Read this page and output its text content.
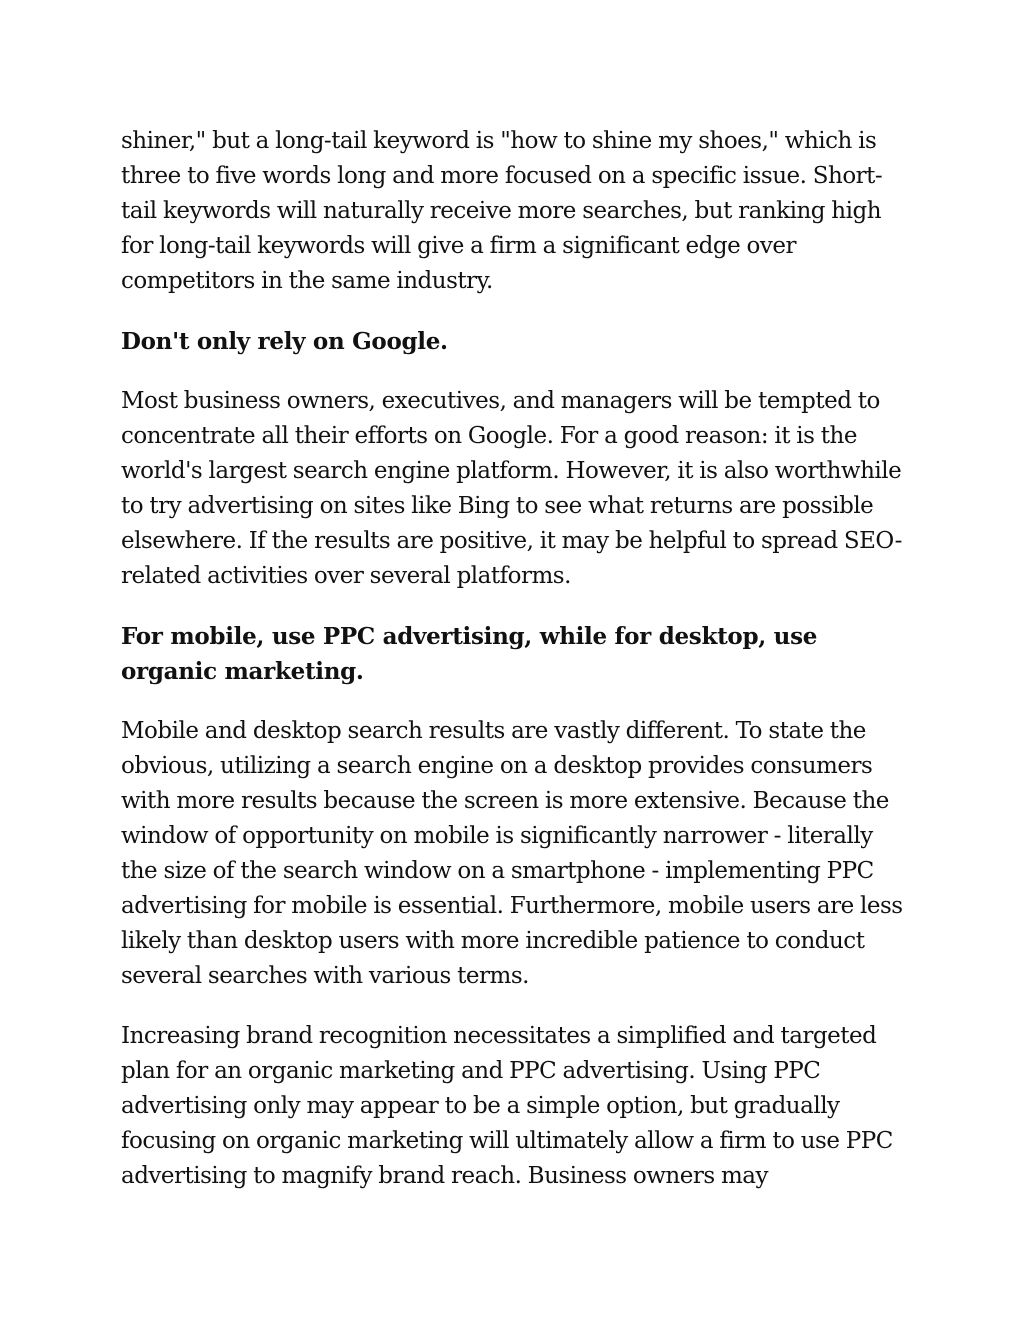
shiner," but a long-tail keyword is "how to shine my shoes," which is
three to five words long and more focused on a specific issue. Short-
tail keywords will naturally receive more searches, but ranking high
for long-tail keywords will give a firm a significant edge over
competitors in the same industry.

Don't only rely on Google.

Most business owners, executives, and managers will be tempted to
concentrate all their efforts on Google. For a good reason: it is the
world's largest search engine platform. However, it is also worthwhile
to try advertising on sites like Bing to see what returns are possible
elsewhere. If the results are positive, it may be helpful to spread SEO-
related activities over several platforms.

For mobile, use PPC advertising, while for desktop, use
organic marketing.

Mobile and desktop search results are vastly different. To state the
obvious, utilizing a search engine on a desktop provides consumers
with more results because the screen is more extensive. Because the
window of opportunity on mobile is significantly narrower - literally
the size of the search window on a smartphone - implementing PPC
advertising for mobile is essential. Furthermore, mobile users are less
likely than desktop users with more incredible patience to conduct
several searches with various terms.

Increasing brand recognition necessitates a simplified and targeted
plan for an organic marketing and PPC advertising. Using PPC
advertising only may appear to be a simple option, but gradually
focusing on organic marketing will ultimately allow a firm to use PPC
advertising to magnify brand reach. Business owners may
